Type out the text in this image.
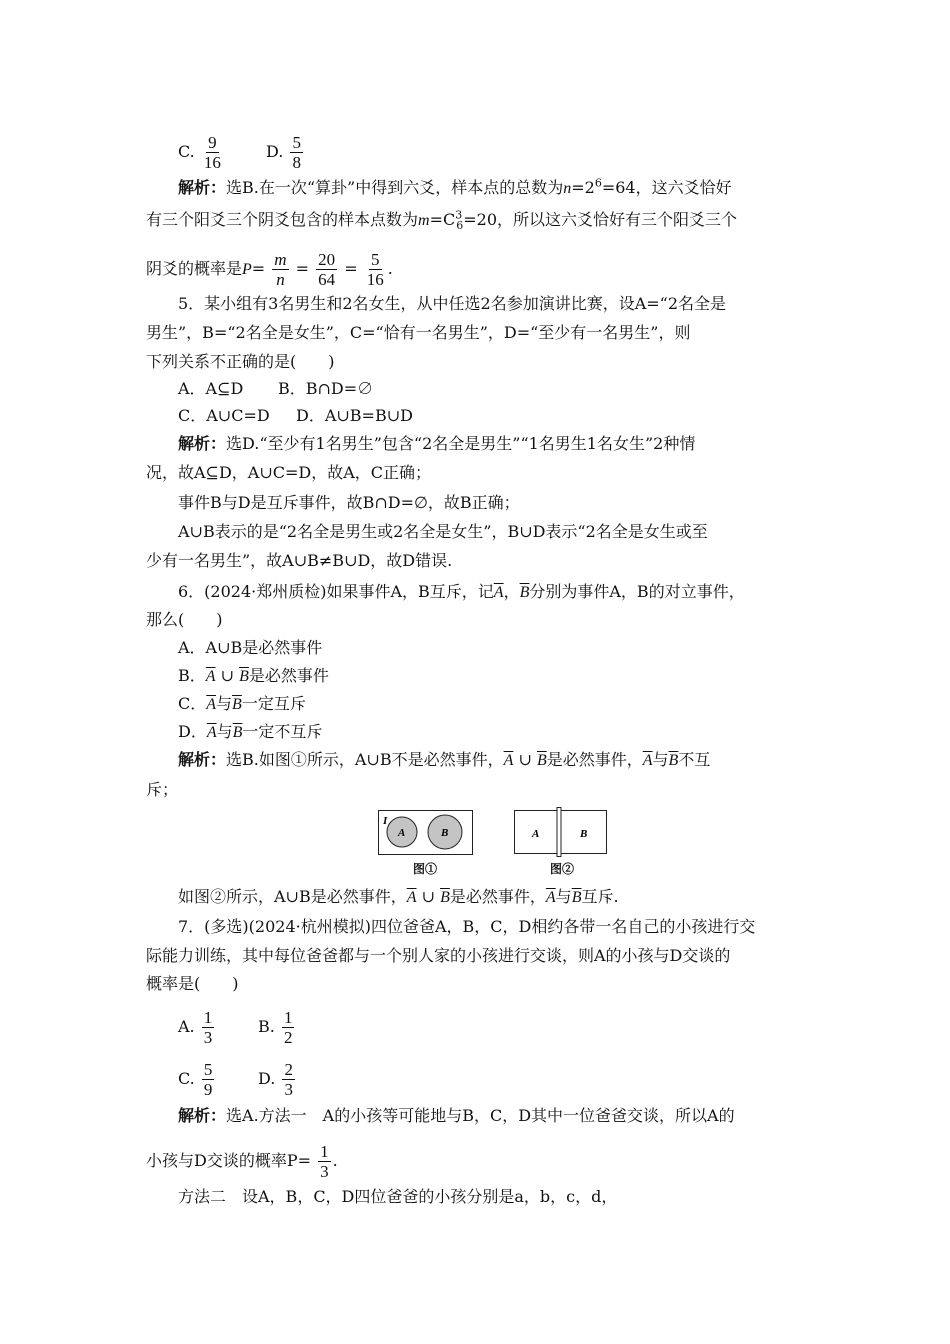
C. $\frac{9}{16}$	D. $\frac{5}{8}$
解析：选B.在一次“算卦”中得到六爻，样本点的总数为$n=2^6=64$，这六爻恰好
有三个阳爻三个阴爻包含的样本点数为$m=C^3_6=20$，所以这六爻恰好有三个阳爻三个
阴爻的概率是$P= \frac{m}{n} = \frac{20}{64} = \frac{5}{16}$ .
5．某小组有3名男生和2名女生，从中任选2名参加演讲比赛，设A=“2名全是
男生”，B=“2名全是女生”，C=“恰有一名男生”，D=“至少有一名男生”，则
下列关系不正确的是(　　)
A．A⊆D B．B∩D=∅
C．A∪C=D D．A∪B=B∪D
解析：选D.“至少有1名男生”包含“2名全是男生”“1名男生1名女生”2种情
况，故A⊆D，A∪C=D，故A，C正确；
事件B与D是互斥事件，故B∩D=∅，故B正确；
A∪B表示的是“2名全是男生或2名全是女生”，B∪D表示“2名全是女生或至
少有一名男生”，故A∪B≠B∪D，故D错误.
6．(2024·郑州质检)如果事件A，B互斥，记$\overline{A}$，$\overline{B}$分别为事件A，B的对立事件，
那么(　　)
A．A∪B是必然事件
B．$\overline{A}$ ∪ $\overline{B}$是必然事件
C．$\overline{A}$与$\overline{B}$一定互斥
D．$\overline{A}$与$\overline{B}$一定不互斥
解析：选B.如图①所示，A∪B不是必然事件，$\overline{A}$ ∪ $\overline{B}$是必然事件，$\overline{A}$与$\overline{B}$不互
斥；
I
A	B
图①
A	B
图②
如图②所示，A∪B是必然事件，$\overline{A}$ ∪ $\overline{B}$是必然事件，$\overline{A}$与$\overline{B}$互斥.
7．(多选)(2024·杭州模拟)四位爸爸A，B，C，D相约各带一名自己的小孩进行交
际能力训练，其中每位爸爸都与一个别人家的小孩进行交谈，则A的小孩与D交谈的
概率是(　　)
A. $\frac{1}{3}$	B. $\frac{1}{2}$
C. $\frac{5}{9}$	D. $\frac{2}{3}$
解析：选A.方法一　A的小孩等可能地与B，C，D其中一位爸爸交谈，所以A的
小孩与D交谈的概率$P= \frac{1}{3}$ .
方法二　设A，B，C，D四位爸爸的小孩分别是a，b，c，d，
